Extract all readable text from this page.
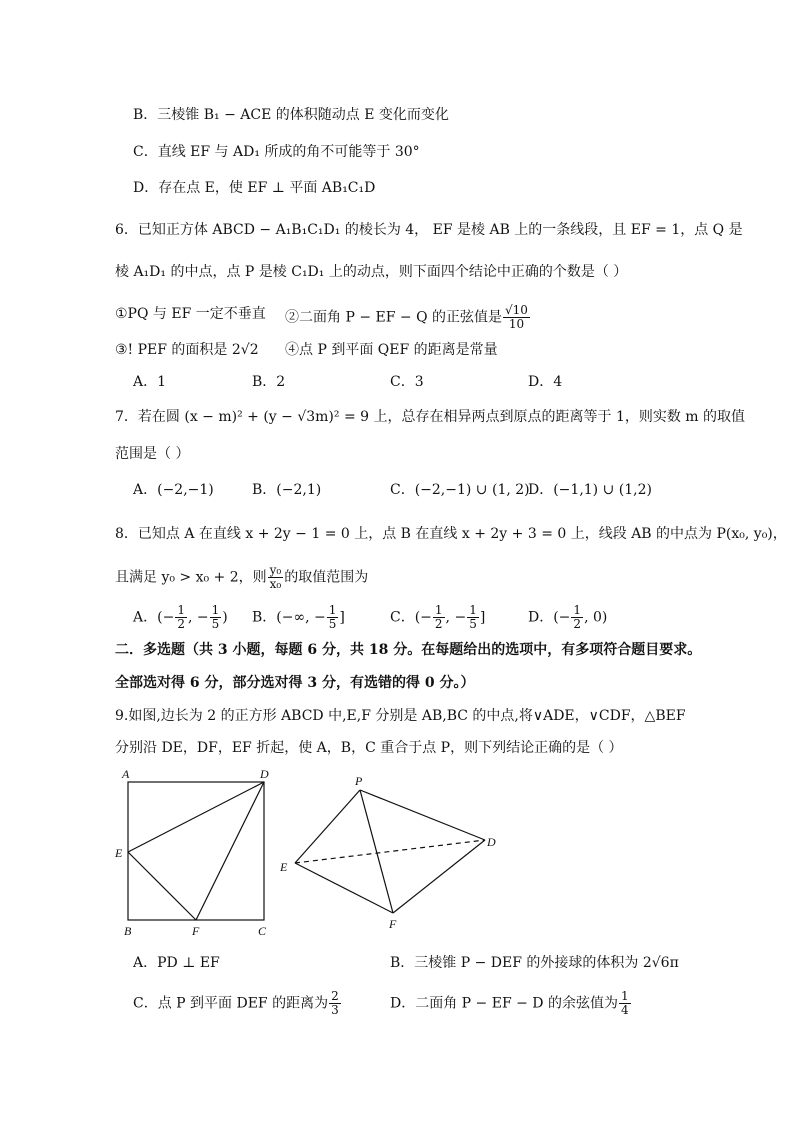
B．三棱锥 B₁ − ACE 的体积随动点 E 变化而变化
C．直线 EF 与 AD₁ 所成的角不可能等于 30°
D．存在点 E，使 EF ⊥ 平面 AB₁C₁D
6．已知正方体 ABCD − A₁B₁C₁D₁ 的棱长为 4， EF 是棱 AB 上的一条线段，且 EF = 1，点 Q 是
棱 A₁D₁ 的中点，点 P 是棱 C₁D₁ 上的动点，则下面四个结论中正确的个数是（ ）
①PQ 与 EF 一定不垂直 ②二面角 P − EF − Q 的正弦值是 $\frac{√10}{10}$
③! PEF 的面积是 2√2 ④点 P 到平面 QEF 的距离是常量
A．1	B．2	C．3	D．4
7．若在圆 (x − m)² + (y − √3m)² = 9 上，总存在相异两点到原点的距离等于 1，则实数 m 的取值
范围是（ ）
A．(−2,−1)	B．(−2,1)	C．(−2,−1) ∪ (1, 2)
D．(−1,1) ∪ (1,2)
8．已知点 A 在直线 x + 2y − 1 = 0 上，点 B 在直线 x + 2y + 3 = 0 上，线段 AB 的中点为 P(x₀, y₀)，
且满足 y₀ > x₀ + 2，则 $\frac{\text{y₀}}{\text{x₀}}$ 的取值范围为
A．(− $\frac{1}{2}$ , − $\frac{1}{5}$ ) B．(−∞, − $\frac{1}{5}$ ]	C．(− $\frac{1}{2}$ , − $\frac{1}{5}$ ]	D．(− $\frac{1}{2}$ , 0)
二．多选题（共 3 小题，每题 6 分，共 18 分。在每题给出的选项中，有多项符合题目要求。
全部选对得 6 分，部分选对得 3 分，有选错的得 0 分。）
9.如图,边长为 2 的正方形 ABCD 中,E,F 分别是 AB,BC 的中点,将∨ADE，∨CDF，△BEF
分别沿 DE，DF，EF 折起，使 A，B，C 重合于点 P，则下列结论正确的是（ ）
A	D
E
B	F	C
P
D
E
F
A．PD ⊥ EF	B．三棱锥 P − DEF 的外接球的体积为 2√6π
C．点 P 到平面 DEF 的距离为 $\frac{2}{3}$	D．二面角 P − EF − D 的余弦值为 $\frac{1}{4}$
